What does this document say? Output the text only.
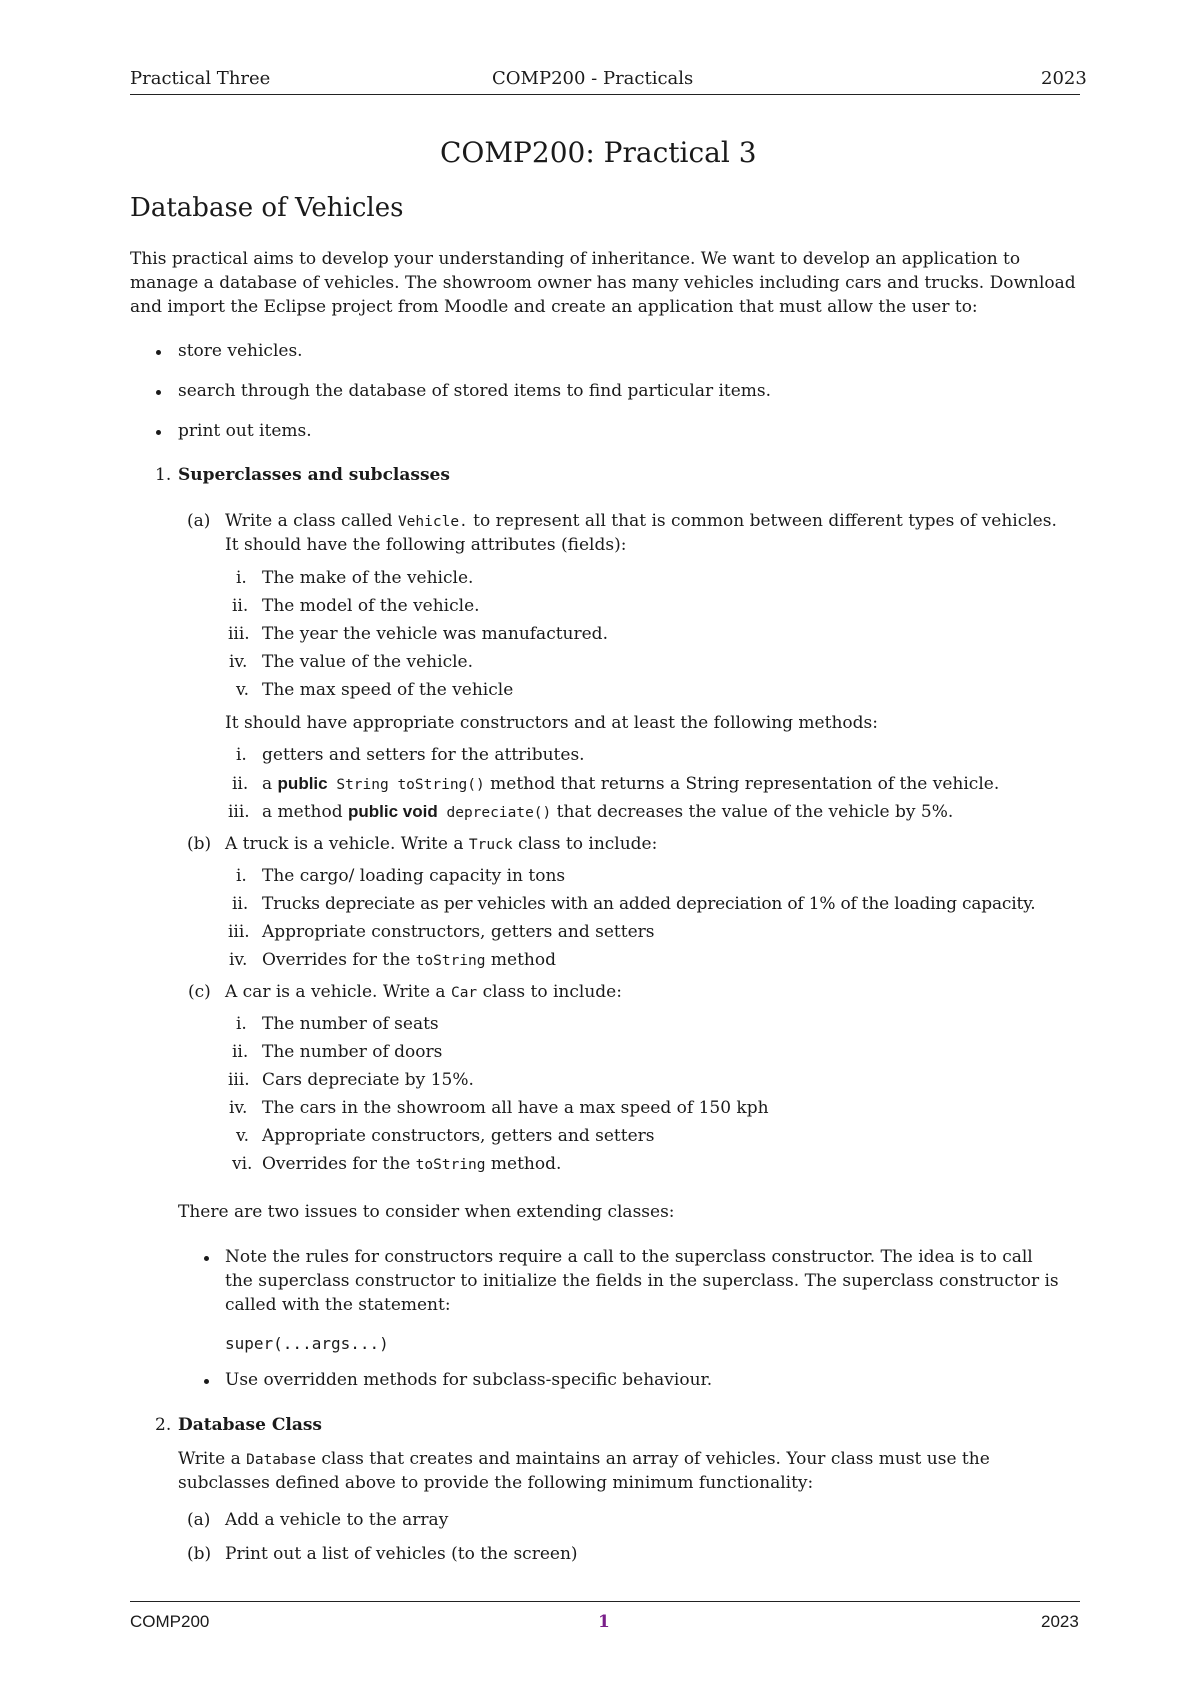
Practical Three	COMP200 - Practicals	2023
COMP200: Practical 3
Database of Vehicles
This practical aims to develop your understanding of inheritance. We want to develop an application to
manage a database of vehicles. The showroom owner has many vehicles including cars and trucks. Download
and import the Eclipse project from Moodle and create an application that must allow the user to:
store vehicles.
search through the database of stored items to find particular items.
print out items.
1. Superclasses and subclasses
(a) Write a class called Vehicle. to represent all that is common between different types of vehicles.
It should have the following attributes (fields):
i. The make of the vehicle.
ii. The model of the vehicle.
iii. The year the vehicle was manufactured.
iv. The value of the vehicle.
v. The max speed of the vehicle
It should have appropriate constructors and at least the following methods:
i. getters and setters for the attributes.
ii. a public String toString() method that returns a String representation of the vehicle.
iii. a method public void depreciate() that decreases the value of the vehicle by 5%.
(b) A truck is a vehicle. Write a Truck class to include:
i. The cargo/ loading capacity in tons
ii. Trucks depreciate as per vehicles with an added depreciation of 1% of the loading capacity.
iii. Appropriate constructors, getters and setters
iv. Overrides for the toString method
(c) A car is a vehicle. Write a Car class to include:
i. The number of seats
ii. The number of doors
iii. Cars depreciate by 15%.
iv. The cars in the showroom all have a max speed of 150 kph
v. Appropriate constructors, getters and setters
vi. Overrides for the toString method.
There are two issues to consider when extending classes:
Note the rules for constructors require a call to the superclass constructor. The idea is to call
the superclass constructor to initialize the fields in the superclass. The superclass constructor is
called with the statement:
super(...args...)
Use overridden methods for subclass-specific behaviour.
2. Database Class
Write a Database class that creates and maintains an array of vehicles. Your class must use the
subclasses defined above to provide the following minimum functionality:
(a) Add a vehicle to the array
(b) Print out a list of vehicles (to the screen)
COMP200	1	2023
